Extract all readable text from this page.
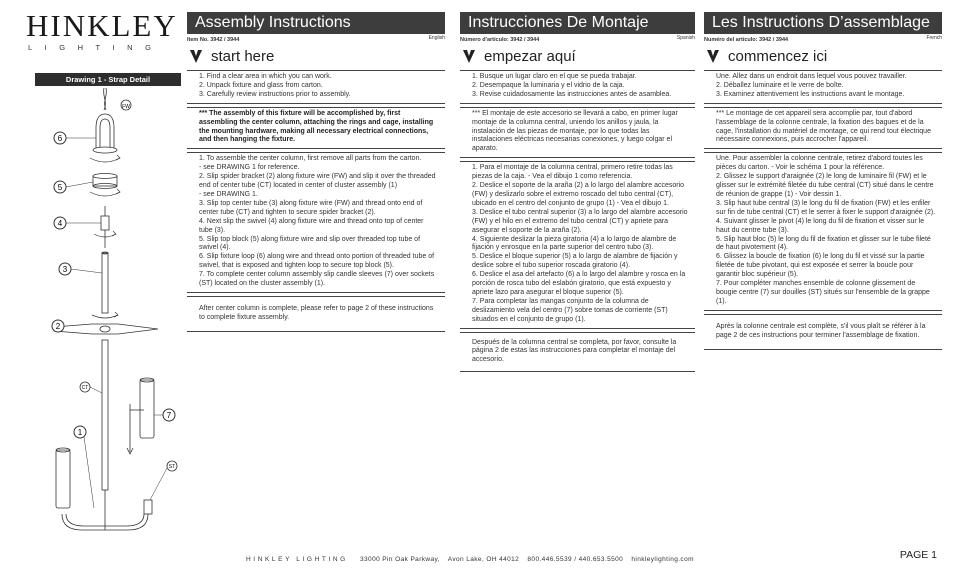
HINKLEY
LIGHTING
Drawing 1 - Strap Detail
FW
6
5
4
3
2
CT
1
7
ST
Assembly Instructions
Item No. 3942 / 3944	English
start here

1. Find a clear area in which you can work.

2. Unpack fixture and glass from carton.

3. Carefully review instructions prior to assembly.

*** The assembly of this fixture will be accomplished by, first assembling the center column, attaching the rings and cage, installing the mounting hardware, making all necessary electrical connections, and then hanging the fixture.

1. To assemble the center column, first remove all parts from the carton.

- see DRAWING 1 for reference.

2. Slip spider bracket (2) along fixture wire (FW) and slip it over the threaded end of center tube (CT) located in center of cluster assembly (1)

- see DRAWING 1.

3. Slip top center tube (3) along fixture wire (FW) and thread onto end of center tube (CT) and tighten to secure spider bracket (2).

4. Next slip the swivel (4) along fixture wire and thread onto top of center tube (3).

5. Slip top block (5) along fixture wire and slip over threaded top tube of swivel (4).

6. Slip fixture loop (6) along wire and thread onto portion of threaded tube of swivel, that is exposed and tighten loop to secure top block (5).

7. To complete center column assembly slip candle sleeves (7) over sockets (ST) located on the cluster assembly (1).

After center column is complete, please refer to page 2 of these instructions to complete fixture assembly.
Instrucciones De Montaje
Número d'artículo: 3942 / 3944	Spanish
empezar aquí

1. Busque un lugar claro en el que se pueda trabajar.

2. Desempaque la luminaria y el vidrio de la caja.

3. Revise cuidadosamente las instrucciones antes de asamblea.

*** El montaje de este accesorio se llevará a cabo, en primer lugar montaje de la columna central, uniendo los anillos y jaula, la instalación de las piezas de montaje, por lo que todas las instalaciones eléctricas necesarias conexiones, y luego colgar el aparato.

1. Para el montaje de la columna central, primero retire todas las piezas de la caja. - Vea el dibujo 1 como referencia.

2. Deslice el soporte de la araña (2) a lo largo del alambre accesorio (FW) y deslizarlo sobre el extremo roscado del tubo central (CT), ubicado en el centro del conjunto de grupo (1) - Vea el dibujo 1.

3. Deslice el tubo central superior (3) a lo largo del alambre accesorio (FW) y el hilo en el extremo del tubo central (CT) y apriete para asegurar el soporte de la araña (2).

4. Siguiente deslizar la pieza giratoria (4) a lo largo de alambre de fijación y enrosque en la parte superior del centro tubo (3).

5. Deslice el bloque superior (5) a lo largo de alambre de fijación y deslice sobre el tubo superior roscada giratorio (4).

6. Deslice el asa del artefacto (6) a lo largo del alambre y rosca en la porción de rosca tubo del eslabón giratorio, que está expuesto y apriete lazo para asegurar el bloque superior (5).

7. Para completar las mangas conjunto de la columna de deslizamiento vela del centro (7) sobre tomas de corriente (ST) situados en el conjunto de grupo (1).

Después de la columna central se completa, por favor, consulte la página 2 de estas las instrucciones para completar el montaje del accesorio.
Les Instructions D’assemblage
Numéro del artículo: 3942 / 3944	French
commencez ici

Une. Allez dans un endroit dans lequel vous pouvez travailler.

2. Déballez luminaire et le verre de boîte.

3. Examinez attentivement les instructions avant le montage.

*** Le montage de cet appareil sera accomplie par, tout d'abord l'assemblage de la colonne centrale, la fixation des bagues et de la cage, l'installation du matériel de montage, ce qui rend tout électrique nécessaire connexions, puis accrocher l'appareil.

Une. Pour assembler la colonne centrale, retirez d'abord toutes les pièces du carton. - Voir le schéma 1 pour la référence.

2. Glissez le support d'araignée (2) le long de luminaire fil (FW) et le glisser sur le extrémité filetée du tube central (CT) situé dans le centre de réunion de grappe (1) - Voir dessin 1.

3. Slip haut tube central (3) le long du fil de fixation (FW) et les enfiler sur fin de tube central (CT) et le serrer à fixer le support d'araignée (2).

4. Suivant glisser le pivot (4) le long du fil de fixation et visser sur le haut du centre tube (3).

5. Slip haut bloc (5) le long du fil de fixation et glisser sur le tube fileté de haut pivotement (4).

6. Glissez la boucle de fixation (6) le long du fil et vissé sur la partie filetée de tube pivotant, qui est exposée et serrer la boucle pour garantir bloc supérieur (5).

7. Pour compléter manches ensemble de colonne glissement de bougie centre (7) sur douilles (ST) situés sur l'ensemble de la grappe (1).

Après la colonne centrale est complète, s'il vous plaît se référer à la page 2 de ces instructions pour terminer l'assemblage de fixation.
HINKLEY LIGHTING 33000 Pin Oak Parkway, Avon Lake, OH 44012 800.446.5539 / 440.653.5500 hinkleylighting.com	PAGE 1
